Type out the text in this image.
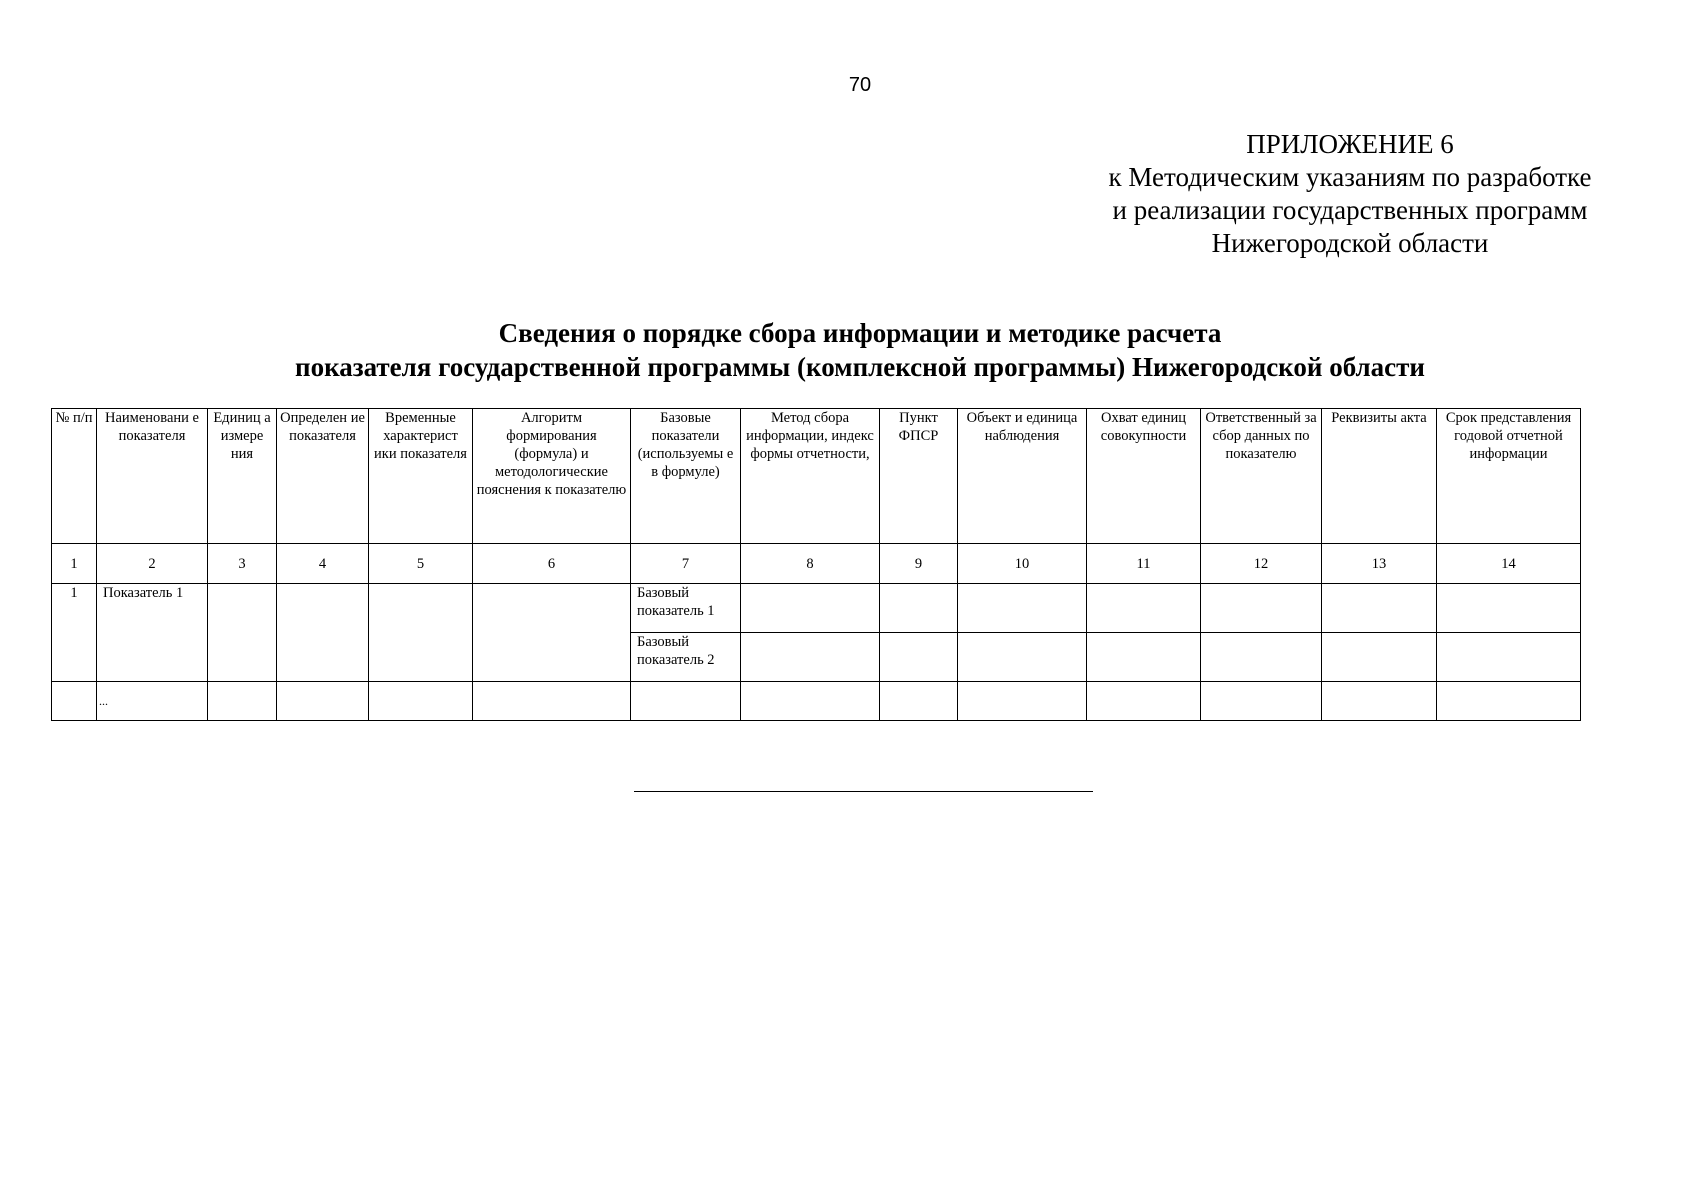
70
ПРИЛОЖЕНИЕ 6
к Методическим указаниям по разработке
и реализации государственных программ
Нижегородской области
Сведения о порядке сбора информации и методике расчета
показателя государственной программы (комплексной программы) Нижегородской области
№ п/п	Наименовани е показателя	Единиц а измере ния	Определен ие показателя	Временные характерист ики показателя	Алгоритм формирования (формула) и методологические пояснения к показателю	Базовые показатели (используемы е в формуле)	Метод сбора информации, индекс формы отчетности,	Пункт ФПСР	Объект и единица наблюдения	Охват единиц совокупности	Ответственный за сбор данных по показателю	Реквизиты акта	Срок представления годовой отчетной информации
1	2	3	4	5	6	7	8	9	10	11	12	13	14
1	Показатель 1					Базовый показатель 1							
						Базовый показатель 2							
	...												
